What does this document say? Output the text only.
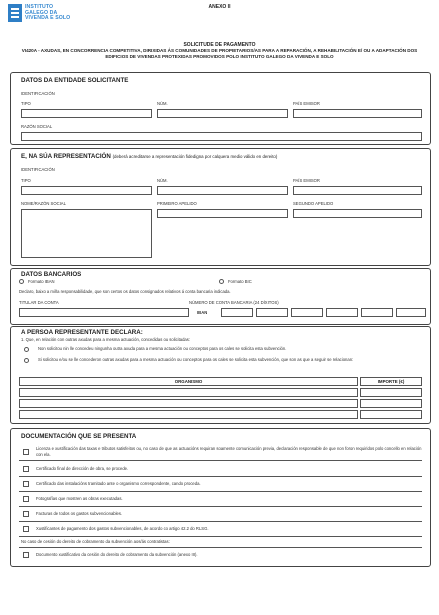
INSTITUTO
GALEGO DA
VIVENDA E SOLO
ANEXO II
SOLICITUDE DE PAGAMENTO
VI420A - AXUDAS, EN CONCORRENCIA COMPETITIVA, DIRIXIDAS ÁS COMUNIDADES DE PROPIETARIOS/AS PARA A REPARACIÓN, A REHABILITACIÓN E/ OU A ADAPTACIÓN DOS EDIFICIOS DE VIVENDAS PROTEXIDAS PROMOVIDOS POLO INSTITUTO GALEGO DA VIVENDA E SOLO
DATOS DA ENTIDADE SOLICITANTE
IDENTIFICACIÓN
TIPO	NÚM.	PAÍS EMISOR
RAZÓN SOCIAL
E, NA SÚA REPRESENTACIÓN (deberá acreditarse a representación fidedigna por calquera medio válido en dereito)
IDENTIFICACIÓN
TIPO	NÚM.	PAÍS EMISOR
NOME/RAZÓN SOCIAL	PRIMEIRO APELIDO	SEGUNDO APELIDO
DATOS BANCARIOS
Formato IBAN	Formato BIC
Declaro, baixo a miña responsabilidade, que son certos os datos consignados relativos á conta bancaria indicada.
TITULAR DA CONTA	NÚMERO DE CONTA BANCARIA (24 DÍXITOS)
IBAN
A PERSOA REPRESENTANTE DECLARA:
1. Que, en relación con outras axudas para a mesma actuación, concedidas ou solicitadas:
Non solicitou nin lle concedeu ningunha outra axuda para a mesma actuación ou conceptos para os cales se solicita esta subvención.
Si solicitou e/ou se lle concederon outras axudas para a mesma actuación ou conceptos para os cales se solicita esta subvención, que son as que a seguir se relacionan:
ORGANISMO	IMPORTE (€)
DOCUMENTACIÓN QUE SE PRESENTA
Licenza e xustificación das taxas e tributos satisfeitos ou, no caso de que as actuacións requiran soamente comunicación previa, declaración responsable de que non foron requiridos polo concello en relación con ela.
Certificado final de dirección de obra, se procede.
Certificado das instalacións tramitado ante o organismo correspondente, cando proceda.
Fotografías que mostren as obras executadas.
Facturas de todos os gastos subvencionables.
Xustificantes de pagamento dos gastos subvencionables, de acordo co artigo 42.2 do RLSG.
No caso de cesión do dereito de cobramento da subvención aos/ás contratistas:
Documento xustificativo da cesión do dereito de cobramento da subvención (anexo III).
